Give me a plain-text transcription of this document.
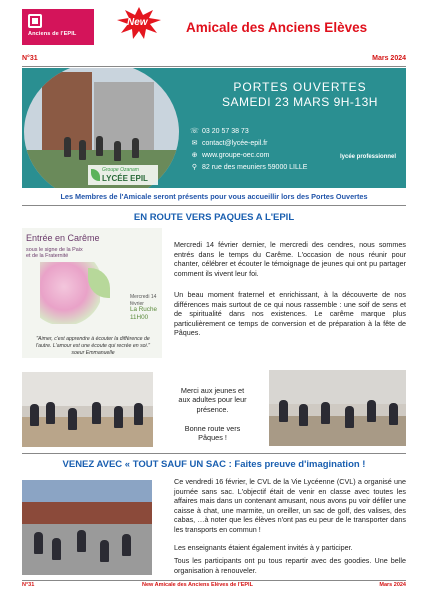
Anciens de l'EPIL
New	Amicale des Anciens Elèves
N°31	Mars 2024
Groupe Ozanam
LYCÉE EPIL
PORTES OUVERTES
SAMEDI 23 MARS 9H-13H
☏ 03 20 57 38 73
✉ contact@lycée-epil.fr
⊕ www.groupe-oec.com
⚲ 82 rue des meuniers 59000 LILLE
lycée professionnel
Les Membres de l'Amicale seront présents pour vous accueillir lors des Portes Ouvertes
EN ROUTE VERS PAQUES A L'EPIL
Entrée en Carême
sous le signe de la Paix
et de la Fraternité
Mercredi 14 février
La Ruche
11H00
"Aimer, c'est apprendre à écouter la différence de
l'autre. L'amour est une écoute qui recrée en soi."
soeur Emmanuelle
Mercredi 14 février dernier, le mercredi des cendres, nous sommes entrés dans le temps du Carême. L'occasion de nous réunir pour chanter, célébrer et écouter le témoignage de jeunes qui ont pu partager comment ils vivent leur foi.
Un beau moment fraternel et enrichissant, à la découverte de nos différences mais surtout de ce qui nous rassemble : une soif de sens et de spiritualité dans nos existences. Le carême marque plus particulièrement ce temps de conversion et de préparation à la fête de Pâques.
Merci aux jeunes et
aux adultes pour leur
présence.
Bonne route vers
Pâques !
VENEZ AVEC « TOUT SAUF UN SAC : Faites preuve d'imagination !
Ce vendredi 16 février, le CVL de la Vie Lycéenne (CVL) a organisé une journée sans sac. L'objectif était de venir en classe avec toutes les affaires mais dans un contenant amusant, nous avons pu voir défiler une caisse à chat, une marmite, un oreiller, un sac de golf, des valises, des cabas, …à noter que les élèves n'ont pas eu peur de le transporter dans les transports en commun !
Les enseignants étaient également invités à y participer.
Tous les participants ont pu tous repartir avec des goodies. Une belle organisation à renouveler.
N°31	New Amicale des Anciens Elèves de l'EPIL	Mars 2024
